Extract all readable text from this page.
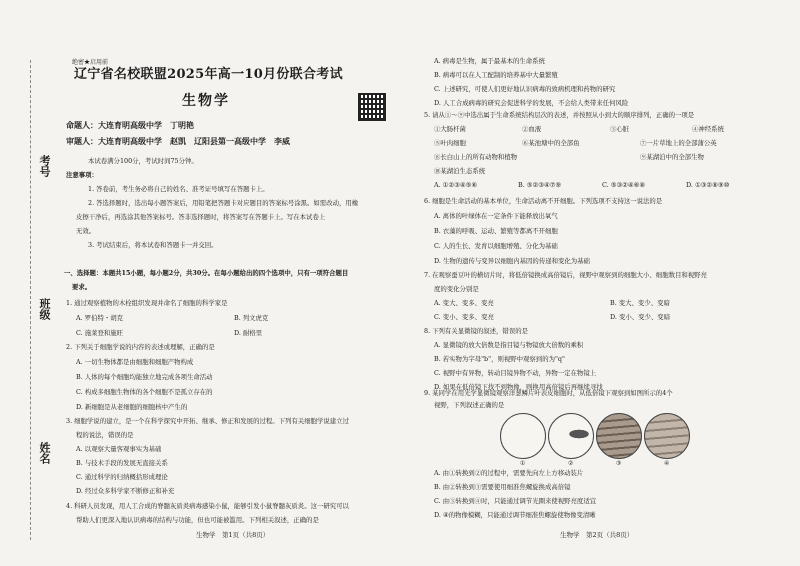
考号
班级
姓名
绝密★启用前
辽宁省名校联盟2025年高一10月份联合考试
生物学
命题人：大连育明高级中学　丁明艳
审题人：大连育明高级中学　赵凯　辽阳县第一高级中学　李威
本试卷满分100分，考试时间75分钟。
注意事项：
1. 答卷前，考生务必将自己的姓名、准考证号填写在答题卡上。
2. 答选择题时，选出每小题答案后，用铅笔把答题卡对应题目的答案标号涂黑。如需改动，用橡
皮擦干净后，再选涂其他答案标号。答非选择题时，将答案写在答题卡上。写在本试卷上
无效。
3. 考试结束后，将本试卷和答题卡一并交回。
一、选择题：本题共15小题，每小题2分，共30分。在每小题给出的四个选项中，只有一项符合题目
要求。
1. 通过观察植物的木栓组织发现并命名了细胞的科学家是
A. 罗伯特・胡克	B. 列文虎克
C. 施莱登和施旺	D. 耐格里
2. 下列关于细胞学说的内容的表述或理解，正确的是
A. 一切生物体都是由细胞和细胞产物构成
B. 人体的每个细胞均能独立地完成各项生命活动
C. 构成多细胞生物体的各个细胞不是孤立存在的
D. 新细胞是从老细胞的细胞核中产生的
3. 细胞学说的建立，是一个在科学探究中开拓、继承、修正和发展的过程。下列有关细胞学说建立过
程的说法，错误的是
A. 以观察大量客观事实为基础
B. 与技术手段的发展无直接关系
C. 通过科学的归纳概括形成理论
D. 经过众多科学家不断修正和补充
4. 科研人员发现，用人工合成的脊髓灰质炎病毒感染小鼠，能够引发小鼠脊髓灰质炎。这一研究可以
帮助人们更深入地认识病毒的结构与功能，但也可能被滥用。下列相关叙述，正确的是
生物学　第1页（共8页）
A. 病毒是生物，属于最基本的生命系统
B. 病毒可以在人工配制的培养基中大量繁殖
C. 上述研究，可使人们更好地认识病毒的致病机理和药物的研究
D. 人工合成病毒的研究会促进科学的发展，不会给人类带来任何风险
5. 请从①～⑨中选出属于生命系统结构层次的表述，并按照从小到大的顺序排列，正确的一项是
①大肠杆菌	②血液	③心脏	④神经系统
⑤叶肉细胞	⑥某池塘中的全部鱼	⑦一片草地上的全部蒲公英
⑧长白山上的所有动物和植物	⑨某湖泊中的全部生物
⑩某湖泊生态系统
A. ①②③④⑤⑥	B. ⑤②③④⑦⑨	C. ⑤③②④⑥⑧	D. ①③②⑧⑨⑩
6. 细胞是生命活动的基本单位，生命活动离不开细胞。下列选项不支持这一说法的是
A. 离体的叶绿体在一定条件下能释放出氧气
B. 衣藻的呼吸、运动、繁殖等都离不开细胞
C. 人的生长、发育以细胞增殖、分化为基础
D. 生物的遗传与变异以细胞内基因的传递和变化为基础
7. 在观察蚕豆叶的横切片时，将低倍镜换成高倍镜后，视野中观察到的细胞大小、细胞数目和视野亮
度的变化分别是
A. 变大、变多、变亮	B. 变大、变少、变暗
C. 变小、变多、变亮	D. 变小、变少、变暗
8. 下列有关显微镜的叙述，错误的是
A. 显微镜的放大倍数是指目镜与物镜放大倍数的乘积
B. 若实物为字母"b"，则视野中观察到的为"q"
C. 视野中有异物，转动目镜异物不动，异物一定在物镜上
D. 如果在低倍镜下找不到物像，则换用高倍镜后再继续寻找
9. 某同学在用光学显微镜观察洋葱鳞片叶表皮细胞时，从低倍镜下观察到如图所示的4个
视野，下列叙述正确的是
A. 由①转换到②的过程中，需要先向左上方移动装片
B. 由②转换到③需要使用细准焦螺旋换成高倍镜
C. 由③转换到④时，只能通过调节光圈来使视野亮度适宜
D. ④的物像模糊，只能通过调节细准焦螺旋使物像变清晰
①	②	③	④
生物学　第2页（共8页）
